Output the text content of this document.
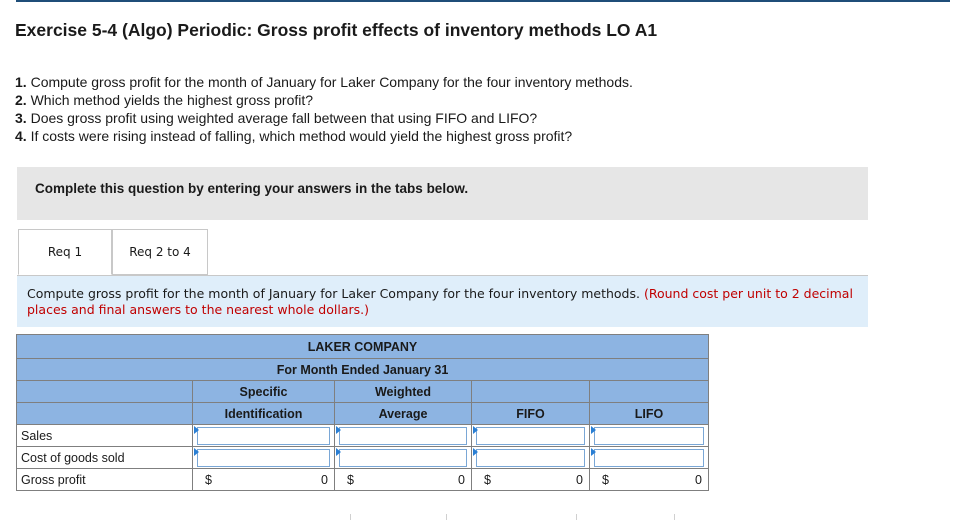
Exercise 5-4 (Algo) Periodic: Gross profit effects of inventory methods LO A1
1. Compute gross profit for the month of January for Laker Company for the four inventory methods.
2. Which method yields the highest gross profit?
3. Does gross profit using weighted average fall between that using FIFO and LIFO?
4. If costs were rising instead of falling, which method would yield the highest gross profit?
Complete this question by entering your answers in the tabs below.
Req 1	Req 2 to 4
Compute gross profit for the month of January for Laker Company for the four inventory methods. (Round cost per unit to 2 decimal places and final answers to the nearest whole dollars.)
LAKER COMPANY				
For Month Ended January 31				
	Specific	Weighted		
	Identification	Average	FIFO	LIFO
Sales	

Cost of goods sold	

Gross profit	$ 0	$ 0	$ 0	$ 0
